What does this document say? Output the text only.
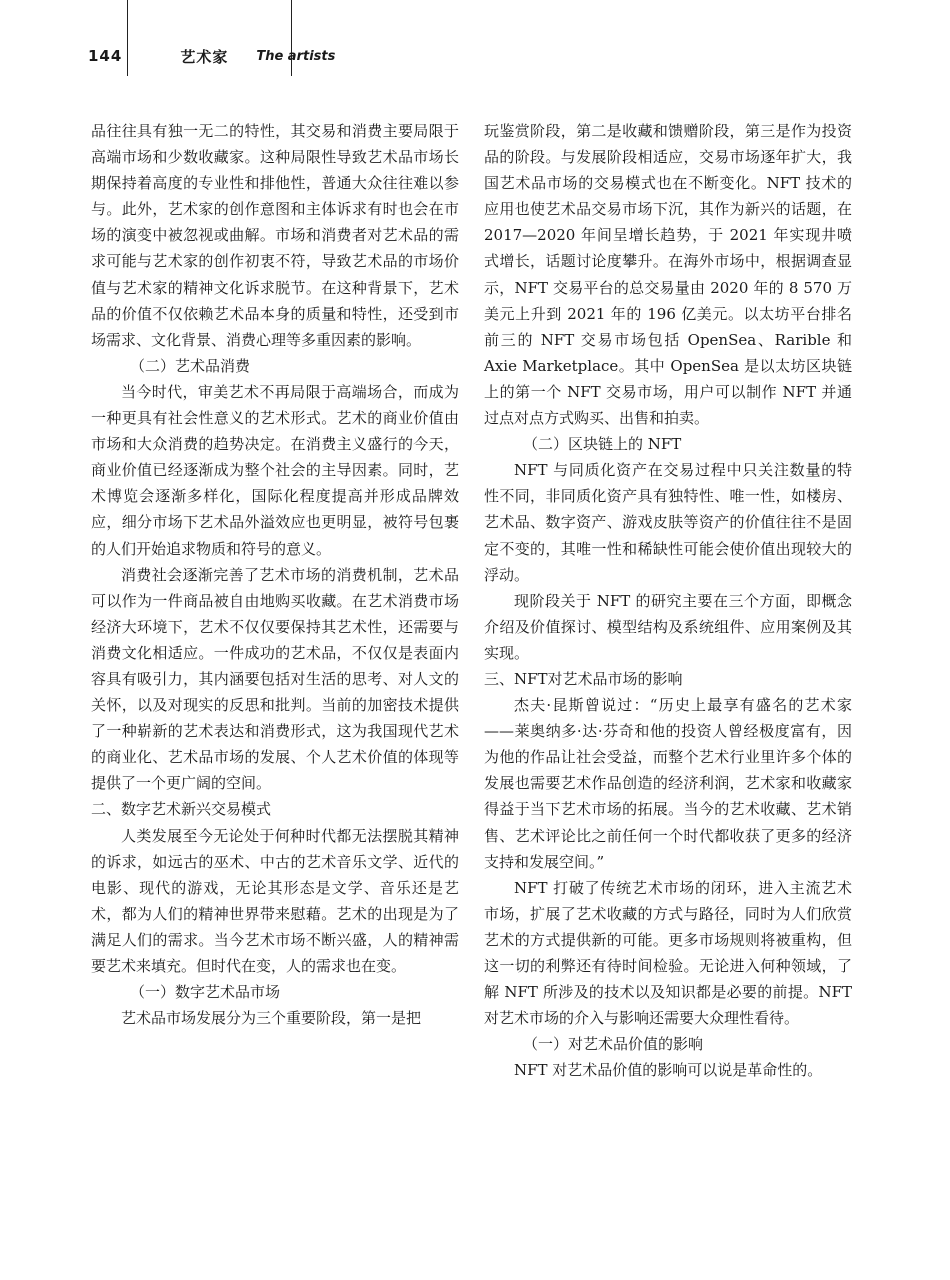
144	艺术家 The artists

品往往具有独一无二的特性，其交易和消费主要局限于高端市场和少数收藏家。这种局限性导致艺术品市场长期保持着高度的专业性和排他性，普通大众往往难以参与。此外，艺术家的创作意图和主体诉求有时也会在市场的演变中被忽视或曲解。市场和消费者对艺术品的需求可能与艺术家的创作初衷不符，导致艺术品的市场价值与艺术家的精神文化诉求脱节。在这种背景下，艺术品的价值不仅依赖艺术品本身的质量和特性，还受到市场需求、文化背景、消费心理等多重因素的影响。

（二）艺术品消费

当今时代，审美艺术不再局限于高端场合，而成为一种更具有社会性意义的艺术形式。艺术的商业价值由市场和大众消费的趋势决定。在消费主义盛行的今天，商业价值已经逐渐成为整个社会的主导因素。同时，艺术博览会逐渐多样化，国际化程度提高并形成品牌效应，细分市场下艺术品外溢效应也更明显，被符号包裹的人们开始追求物质和符号的意义。

消费社会逐渐完善了艺术市场的消费机制，艺术品可以作为一件商品被自由地购买收藏。在艺术消费市场经济大环境下，艺术不仅仅要保持其艺术性，还需要与消费文化相适应。一件成功的艺术品，不仅仅是表面内容具有吸引力，其内涵要包括对生活的思考、对人文的关怀，以及对现实的反思和批判。当前的加密技术提供了一种崭新的艺术表达和消费形式，这为我国现代艺术的商业化、艺术品市场的发展、个人艺术价值的体现等提供了一个更广阔的空间。

二、数字艺术新兴交易模式

人类发展至今无论处于何种时代都无法摆脱其精神的诉求，如远古的巫术、中古的艺术音乐文学、近代的电影、现代的游戏，无论其形态是文学、音乐还是艺术，都为人们的精神世界带来慰藉。艺术的出现是为了满足人们的需求。当今艺术市场不断兴盛，人的精神需要艺术来填充。但时代在变，人的需求也在变。

（一）数字艺术品市场

艺术品市场发展分为三个重要阶段，第一是把

玩鉴赏阶段，第二是收藏和馈赠阶段，第三是作为投资品的阶段。与发展阶段相适应，交易市场逐年扩大，我国艺术品市场的交易模式也在不断变化。NFT 技术的应用也使艺术品交易市场下沉，其作为新兴的话题，在 2017—2020 年间呈增长趋势，于 2021 年实现井喷式增长，话题讨论度攀升。在海外市场中，根据调查显示，NFT 交易平台的总交易量由 2020 年的 8 570 万美元上升到 2021 年的 196 亿美元。以太坊平台排名前三的 NFT 交易市场包括 OpenSea、Rarible 和 Axie Marketplace。其中 OpenSea 是以太坊区块链上的第一个 NFT 交易市场，用户可以制作 NFT 并通过点对点方式购买、出售和拍卖。

（二）区块链上的 NFT

NFT 与同质化资产在交易过程中只关注数量的特性不同，非同质化资产具有独特性、唯一性，如楼房、艺术品、数字资产、游戏皮肤等资产的价值往往不是固定不变的，其唯一性和稀缺性可能会使价值出现较大的浮动。

现阶段关于 NFT 的研究主要在三个方面，即概念介绍及价值探讨、模型结构及系统组件、应用案例及其实现。

三、NFT对艺术品市场的影响

杰夫·昆斯曾说过：“历史上最享有盛名的艺术家——莱奥纳多·达·芬奇和他的投资人曾经极度富有，因为他的作品让社会受益，而整个艺术行业里许多个体的发展也需要艺术作品创造的经济利润，艺术家和收藏家得益于当下艺术市场的拓展。当今的艺术收藏、艺术销售、艺术评论比之前任何一个时代都收获了更多的经济支持和发展空间。”

NFT 打破了传统艺术市场的闭环，进入主流艺术市场，扩展了艺术收藏的方式与路径，同时为人们欣赏艺术的方式提供新的可能。更多市场规则将被重构，但这一切的利弊还有待时间检验。无论进入何种领域，了解 NFT 所涉及的技术以及知识都是必要的前提。NFT 对艺术市场的介入与影响还需要大众理性看待。

（一）对艺术品价值的影响

NFT 对艺术品价值的影响可以说是革命性的。
